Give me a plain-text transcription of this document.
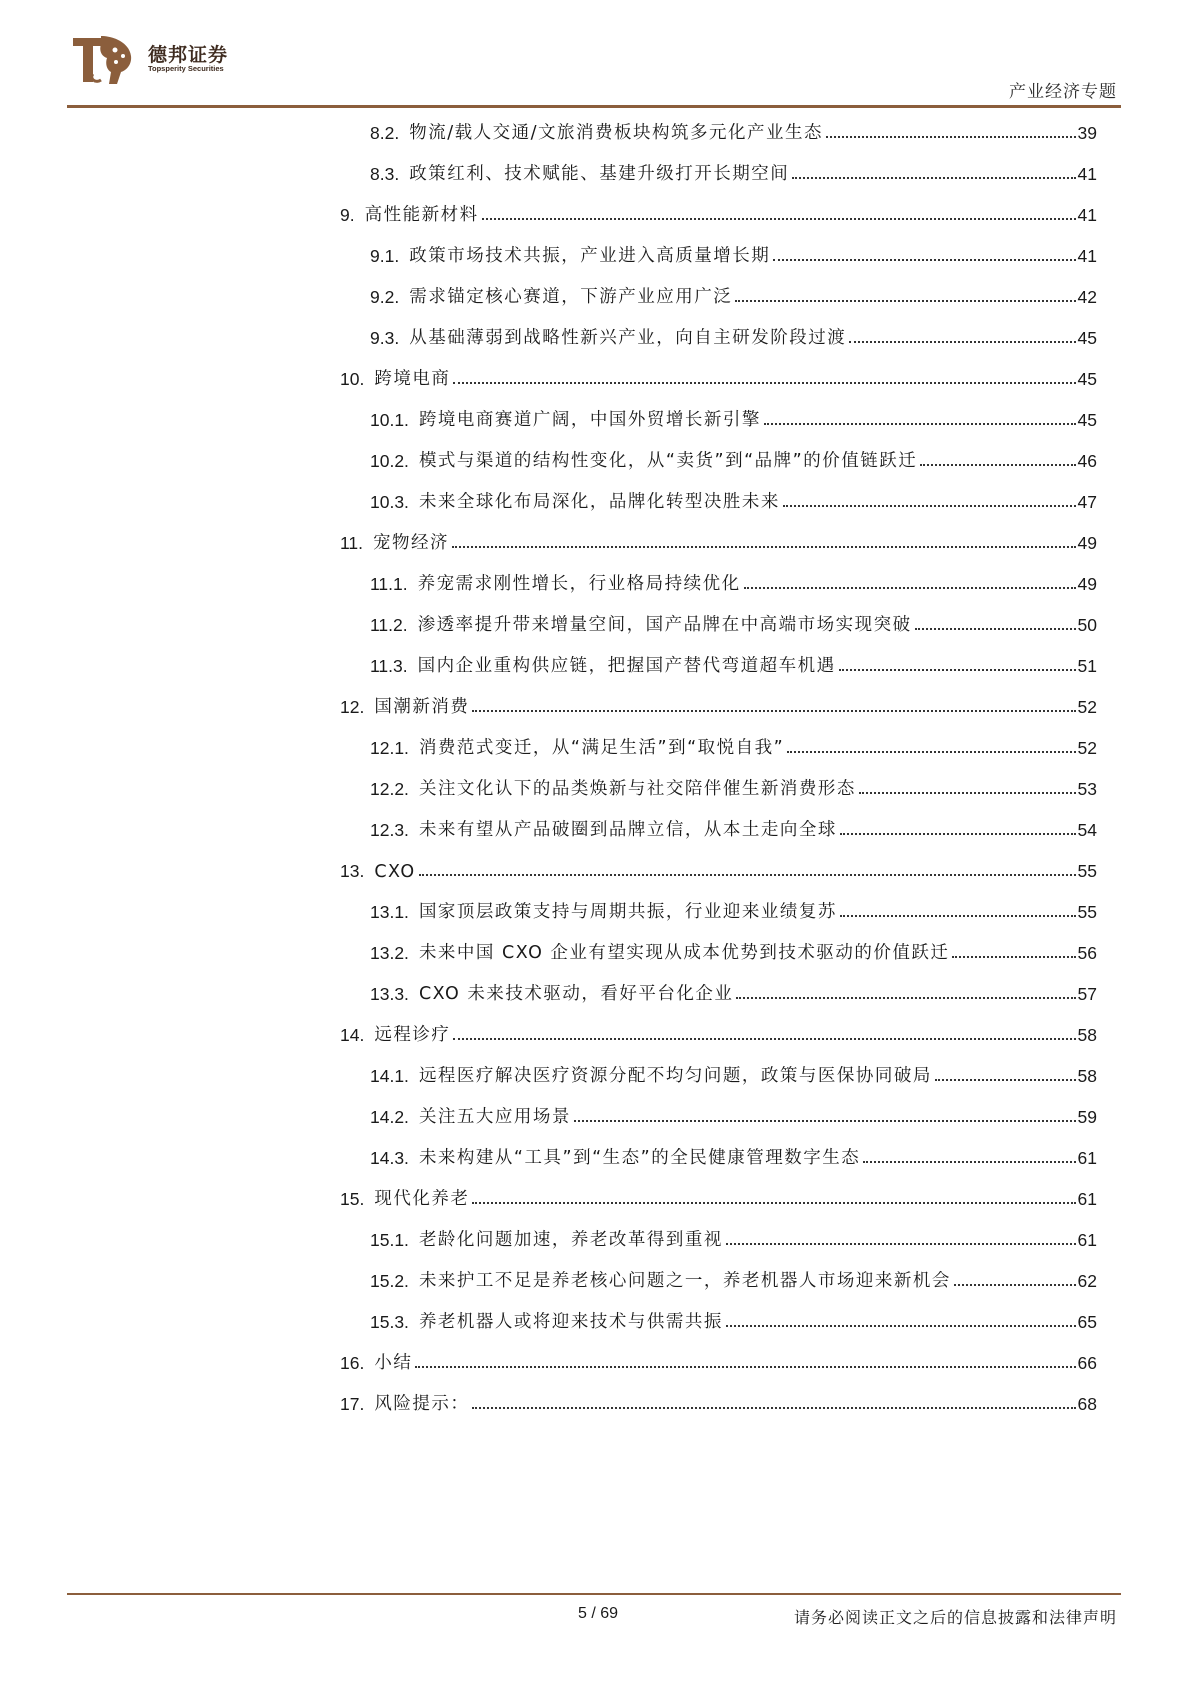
德邦证券
Topsperity Securities
产业经济专题
8.2. 物流/载人交通/文旅消费板块构筑多元化产业生态	39
8.3. 政策红利、技术赋能、基建升级打开长期空间	41
9. 高性能新材料	41
9.1. 政策市场技术共振，产业进入高质量增长期	41
9.2. 需求锚定核心赛道，下游产业应用广泛	42
9.3. 从基础薄弱到战略性新兴产业，向自主研发阶段过渡	45
10. 跨境电商	45
10.1. 跨境电商赛道广阔，中国外贸增长新引擎	45
10.2. 模式与渠道的结构性变化，从“卖货”到“品牌”的价值链跃迁	46
10.3. 未来全球化布局深化，品牌化转型决胜未来	47
11. 宠物经济	49
11.1. 养宠需求刚性增长，行业格局持续优化	49
11.2. 渗透率提升带来增量空间，国产品牌在中高端市场实现突破	50
11.3. 国内企业重构供应链，把握国产替代弯道超车机遇	51
12. 国潮新消费	52
12.1. 消费范式变迁，从“满足生活”到“取悦自我”	52
12.2. 关注文化认下的品类焕新与社交陪伴催生新消费形态	53
12.3. 未来有望从产品破圈到品牌立信，从本土走向全球	54
13. CXO	55
13.1. 国家顶层政策支持与周期共振，行业迎来业绩复苏	55
13.2. 未来中国 CXO 企业有望实现从成本优势到技术驱动的价值跃迁	56
13.3. CXO 未来技术驱动，看好平台化企业	57
14. 远程诊疗	58
14.1. 远程医疗解决医疗资源分配不均匀问题，政策与医保协同破局	58
14.2. 关注五大应用场景	59
14.3. 未来构建从“工具”到“生态”的全民健康管理数字生态	61
15. 现代化养老	61
15.1. 老龄化问题加速，养老改革得到重视	61
15.2. 未来护工不足是养老核心问题之一，养老机器人市场迎来新机会	62
15.3. 养老机器人或将迎来技术与供需共振	65
16. 小结	66
17. 风险提示：	68
5 / 69	请务必阅读正文之后的信息披露和法律声明
